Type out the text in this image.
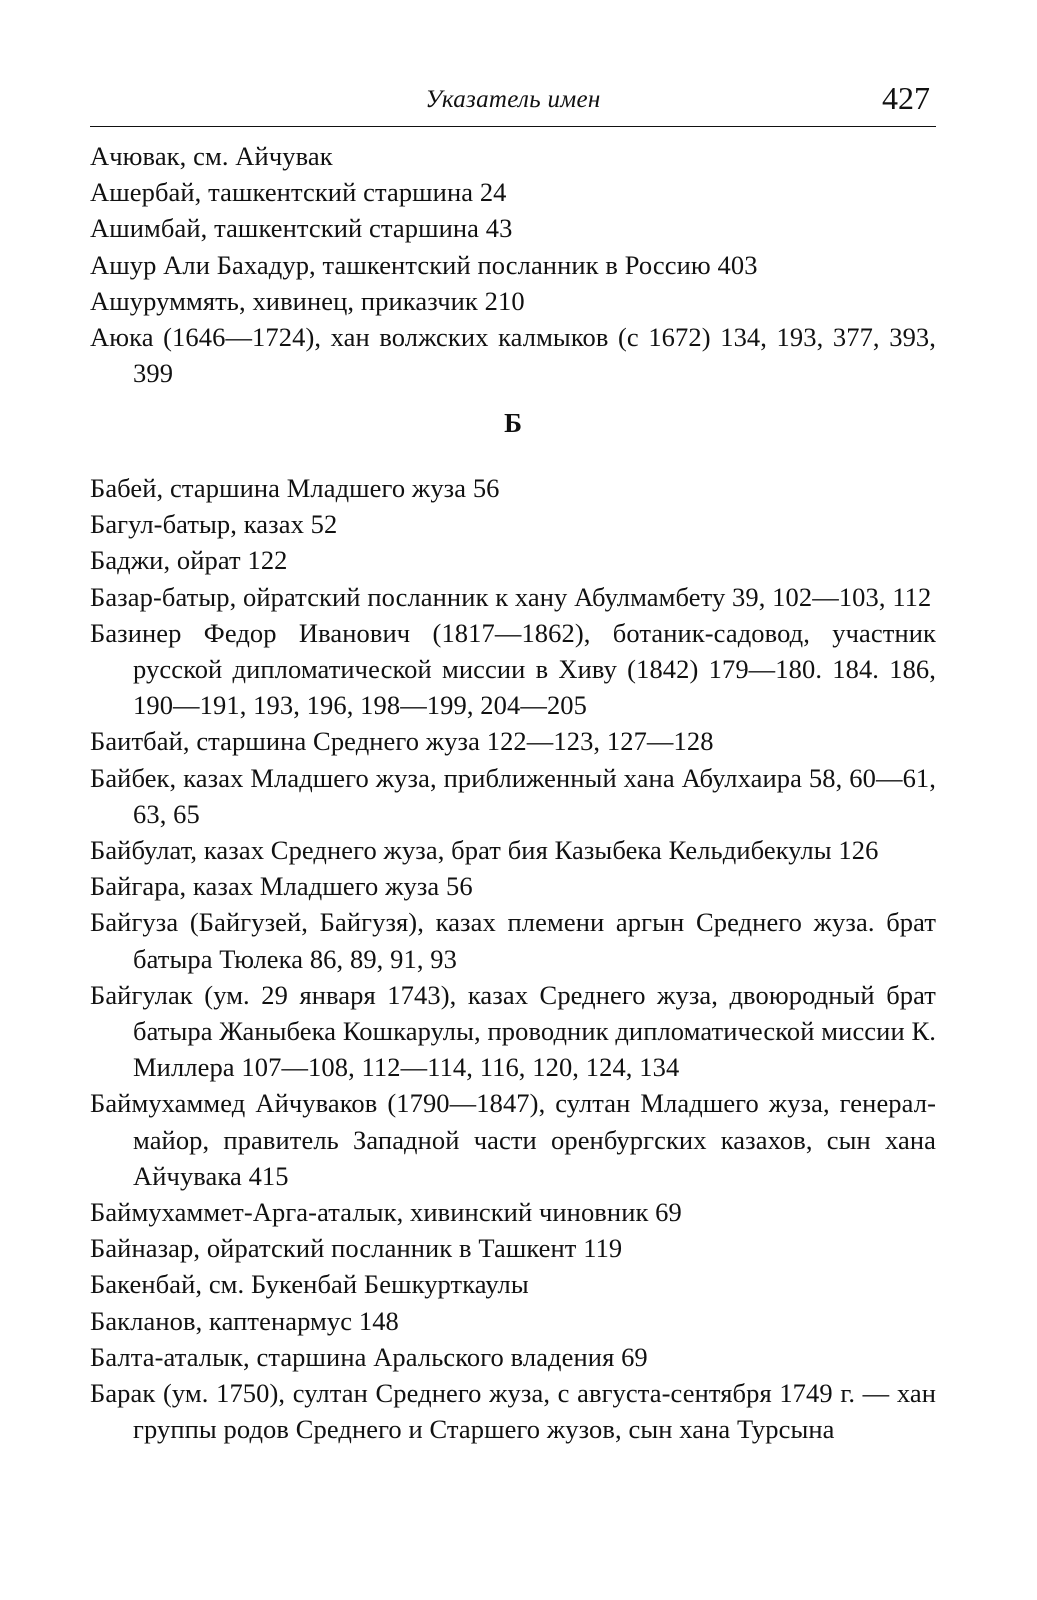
Указатель имен	427

Ачювак, см. Айчувак

Ашербай, ташкентский старшина 24

Ашимбай, ташкентский старшина 43

Ашур Али Бахадур, ташкентский посланник в Россию 403

Ашуруммять, хивинец, приказчик 210

Аюка (1646—1724), хан волжских калмыков (с 1672) 134, 193, 377, 393, 399

Б

Бабей, старшина Младшего жуза 56

Багул-батыр, казах 52

Баджи, ойрат 122

Базар-батыр, ойратский посланник к хану Абулмамбету 39, 102—103, 112

Базинер Федор Иванович (1817—1862), ботаник-садовод, участник русской дипломатической миссии в Хиву (1842) 179—180. 184. 186, 190—191, 193, 196, 198—199, 204—205

Баитбай, старшина Среднего жуза 122—123, 127—128

Байбек, казах Младшего жуза, приближенный хана Абулхаира 58, 60—61, 63, 65

Байбулат, казах Среднего жуза, брат бия Казыбека Кельдибекулы 126

Байгара, казах Младшего жуза 56

Байгуза (Байгузей, Байгузя), казах племени аргын Среднего жуза. брат батыра Тюлека 86, 89, 91, 93

Байгулак (ум. 29 января 1743), казах Среднего жуза, двоюродный брат батыра Жаныбека Кошкарулы, проводник дипломатической миссии К. Миллера 107—108, 112—114, 116, 120, 124, 134

Баймухаммед Айчуваков (1790—1847), султан Младшего жуза, генерал-майор, правитель Западной части оренбургских казахов, сын хана Айчувака 415

Баймухаммет-Арга-аталык, хивинский чиновник 69

Байназар, ойратский посланник в Ташкент 119

Бакенбай, см. Букенбай Бешкурткаулы

Бакланов, каптенармус 148

Балта-аталык, старшина Аральского владения 69

Барак (ум. 1750), султан Среднего жуза, с августа-сентября 1749 г. — хан группы родов Среднего и Старшего жузов, сын хана Турсына
